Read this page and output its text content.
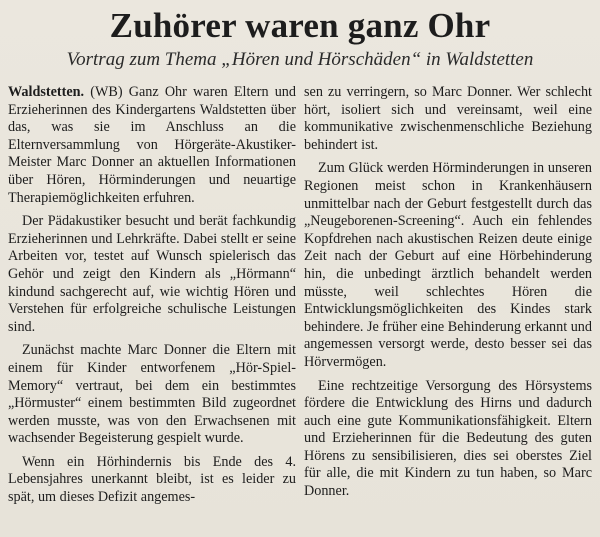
Zuhörer waren ganz Ohr
Vortrag zum Thema „Hören und Hörschäden“ in Waldstetten

Waldstetten. (WB) Ganz Ohr waren Eltern und Erzieherinnen des Kindergartens Waldstetten über das, was sie im Anschluss an die Elternversammlung von Hörgeräte-Akustiker-Meister Marc Donner an aktuellen Informationen über Hören, Hörminderungen und neuartige Therapiemöglichkeiten erfuhren.

Der Pädakustiker besucht und berät fachkundig Erzieherinnen und Lehrkräfte. Dabei stellt er seine Arbeiten vor, testet auf Wunsch spielerisch das Gehör und zeigt den Kindern als „Hörmann“ kindund sachgerecht auf, wie wichtig Hören und Verstehen für erfolgreiche schulische Leistungen sind.

Zunächst machte Marc Donner die Eltern mit einem für Kinder entworfenem „Hör-Spiel-Memory“ vertraut, bei dem ein bestimmtes „Hörmuster“ einem bestimmten Bild zugeordnet werden musste, was von den Erwachsenen mit wachsender Begeisterung gespielt wurde.

Wenn ein Hörhindernis bis Ende des 4. Lebensjahres unerkannt bleibt, ist es leider zu spät, um dieses Defizit angemes-

sen zu verringern, so Marc Donner. Wer schlecht hört, isoliert sich und vereinsamt, weil eine kommunikative zwischenmenschliche Beziehung behindert ist.

Zum Glück werden Hörminderungen in unseren Regionen meist schon in Krankenhäusern unmittelbar nach der Geburt festgestellt durch das „Neugeborenen-Screening“. Auch ein fehlendes Kopfdrehen nach akustischen Reizen deute einige Zeit nach der Geburt auf eine Hörbehinderung hin, die unbedingt ärztlich behandelt werden müsste, weil schlechtes Hören die Entwicklungsmöglichkeiten des Kindes stark behindere. Je früher eine Behinderung erkannt und angemessen versorgt werde, desto besser sei das Hörvermögen.

Eine rechtzeitige Versorgung des Hörsystems fördere die Entwicklung des Hirns und dadurch auch eine gute Kommunikationsfähigkeit. Eltern und Erzieherinnen für die Bedeutung des guten Hörens zu sensibilisieren, dies sei oberstes Ziel für alle, die mit Kindern zu tun haben, so Marc Donner.
